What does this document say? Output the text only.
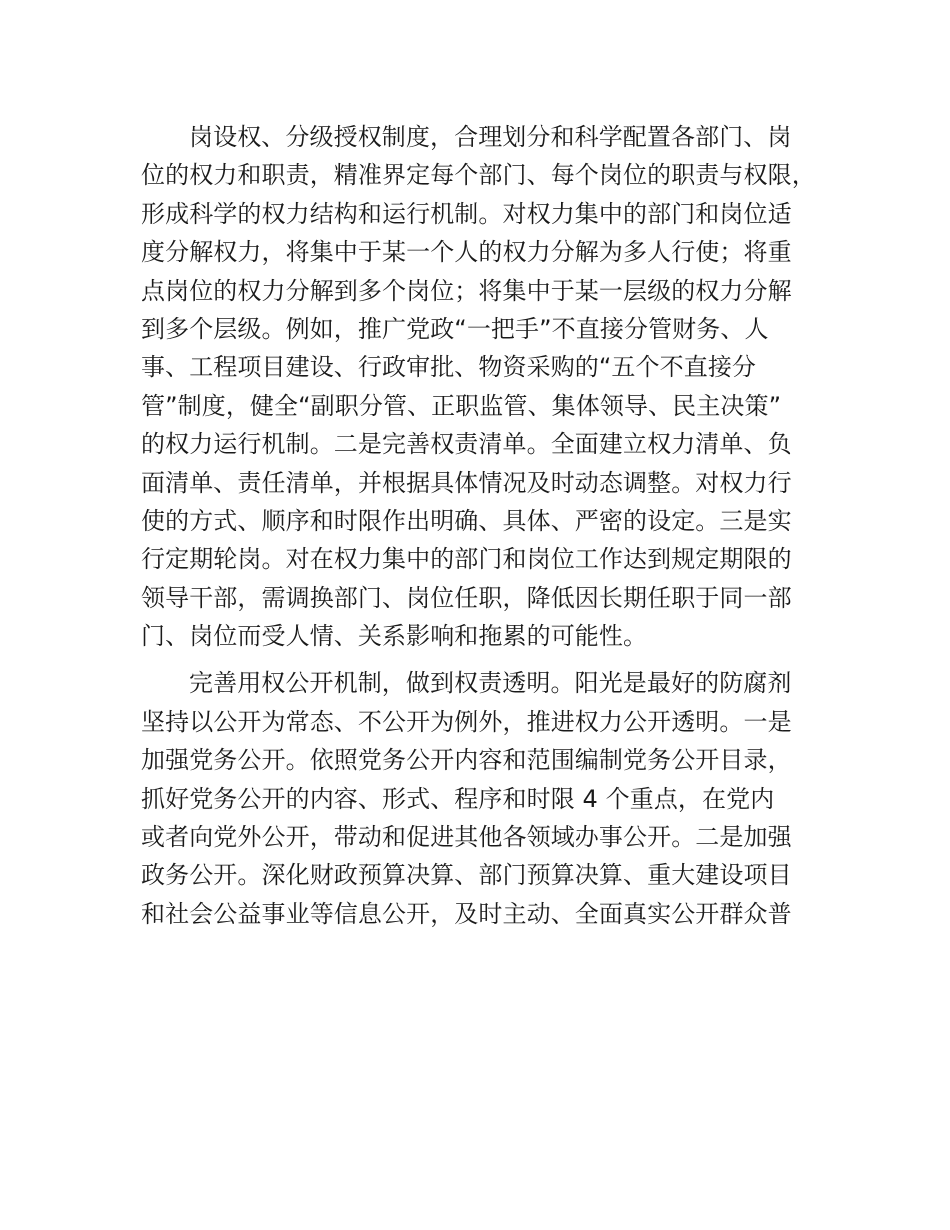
岗设权、分级授权制度，合理划分和科学配置各部门、岗
位的权力和职责，精准界定每个部门、每个岗位的职责与权限，
形成科学的权力结构和运行机制。对权力集中的部门和岗位适
度分解权力，将集中于某一个人的权力分解为多人行使；将重
点岗位的权力分解到多个岗位；将集中于某一层级的权力分解
到多个层级。例如，推广党政“一把手”不直接分管财务、人
事、工程项目建设、行政审批、物资采购的“五个不直接分
管”制度，健全“副职分管、正职监管、集体领导、民主决策”
的权力运行机制。二是完善权责清单。全面建立权力清单、负
面清单、责任清单，并根据具体情况及时动态调整。对权力行
使的方式、顺序和时限作出明确、具体、严密的设定。三是实
行定期轮岗。对在权力集中的部门和岗位工作达到规定期限的
领导干部，需调换部门、岗位任职，降低因长期任职于同一部
门、岗位而受人情、关系影响和拖累的可能性。
完善用权公开机制，做到权责透明。阳光是最好的防腐剂
坚持以公开为常态、不公开为例外，推进权力公开透明。一是
加强党务公开。依照党务公开内容和范围编制党务公开目录，
抓好党务公开的内容、形式、程序和时限 4 个重点，在党内
或者向党外公开，带动和促进其他各领域办事公开。二是加强
政务公开。深化财政预算决算、部门预算决算、重大建设项目
和社会公益事业等信息公开，及时主动、全面真实公开群众普
